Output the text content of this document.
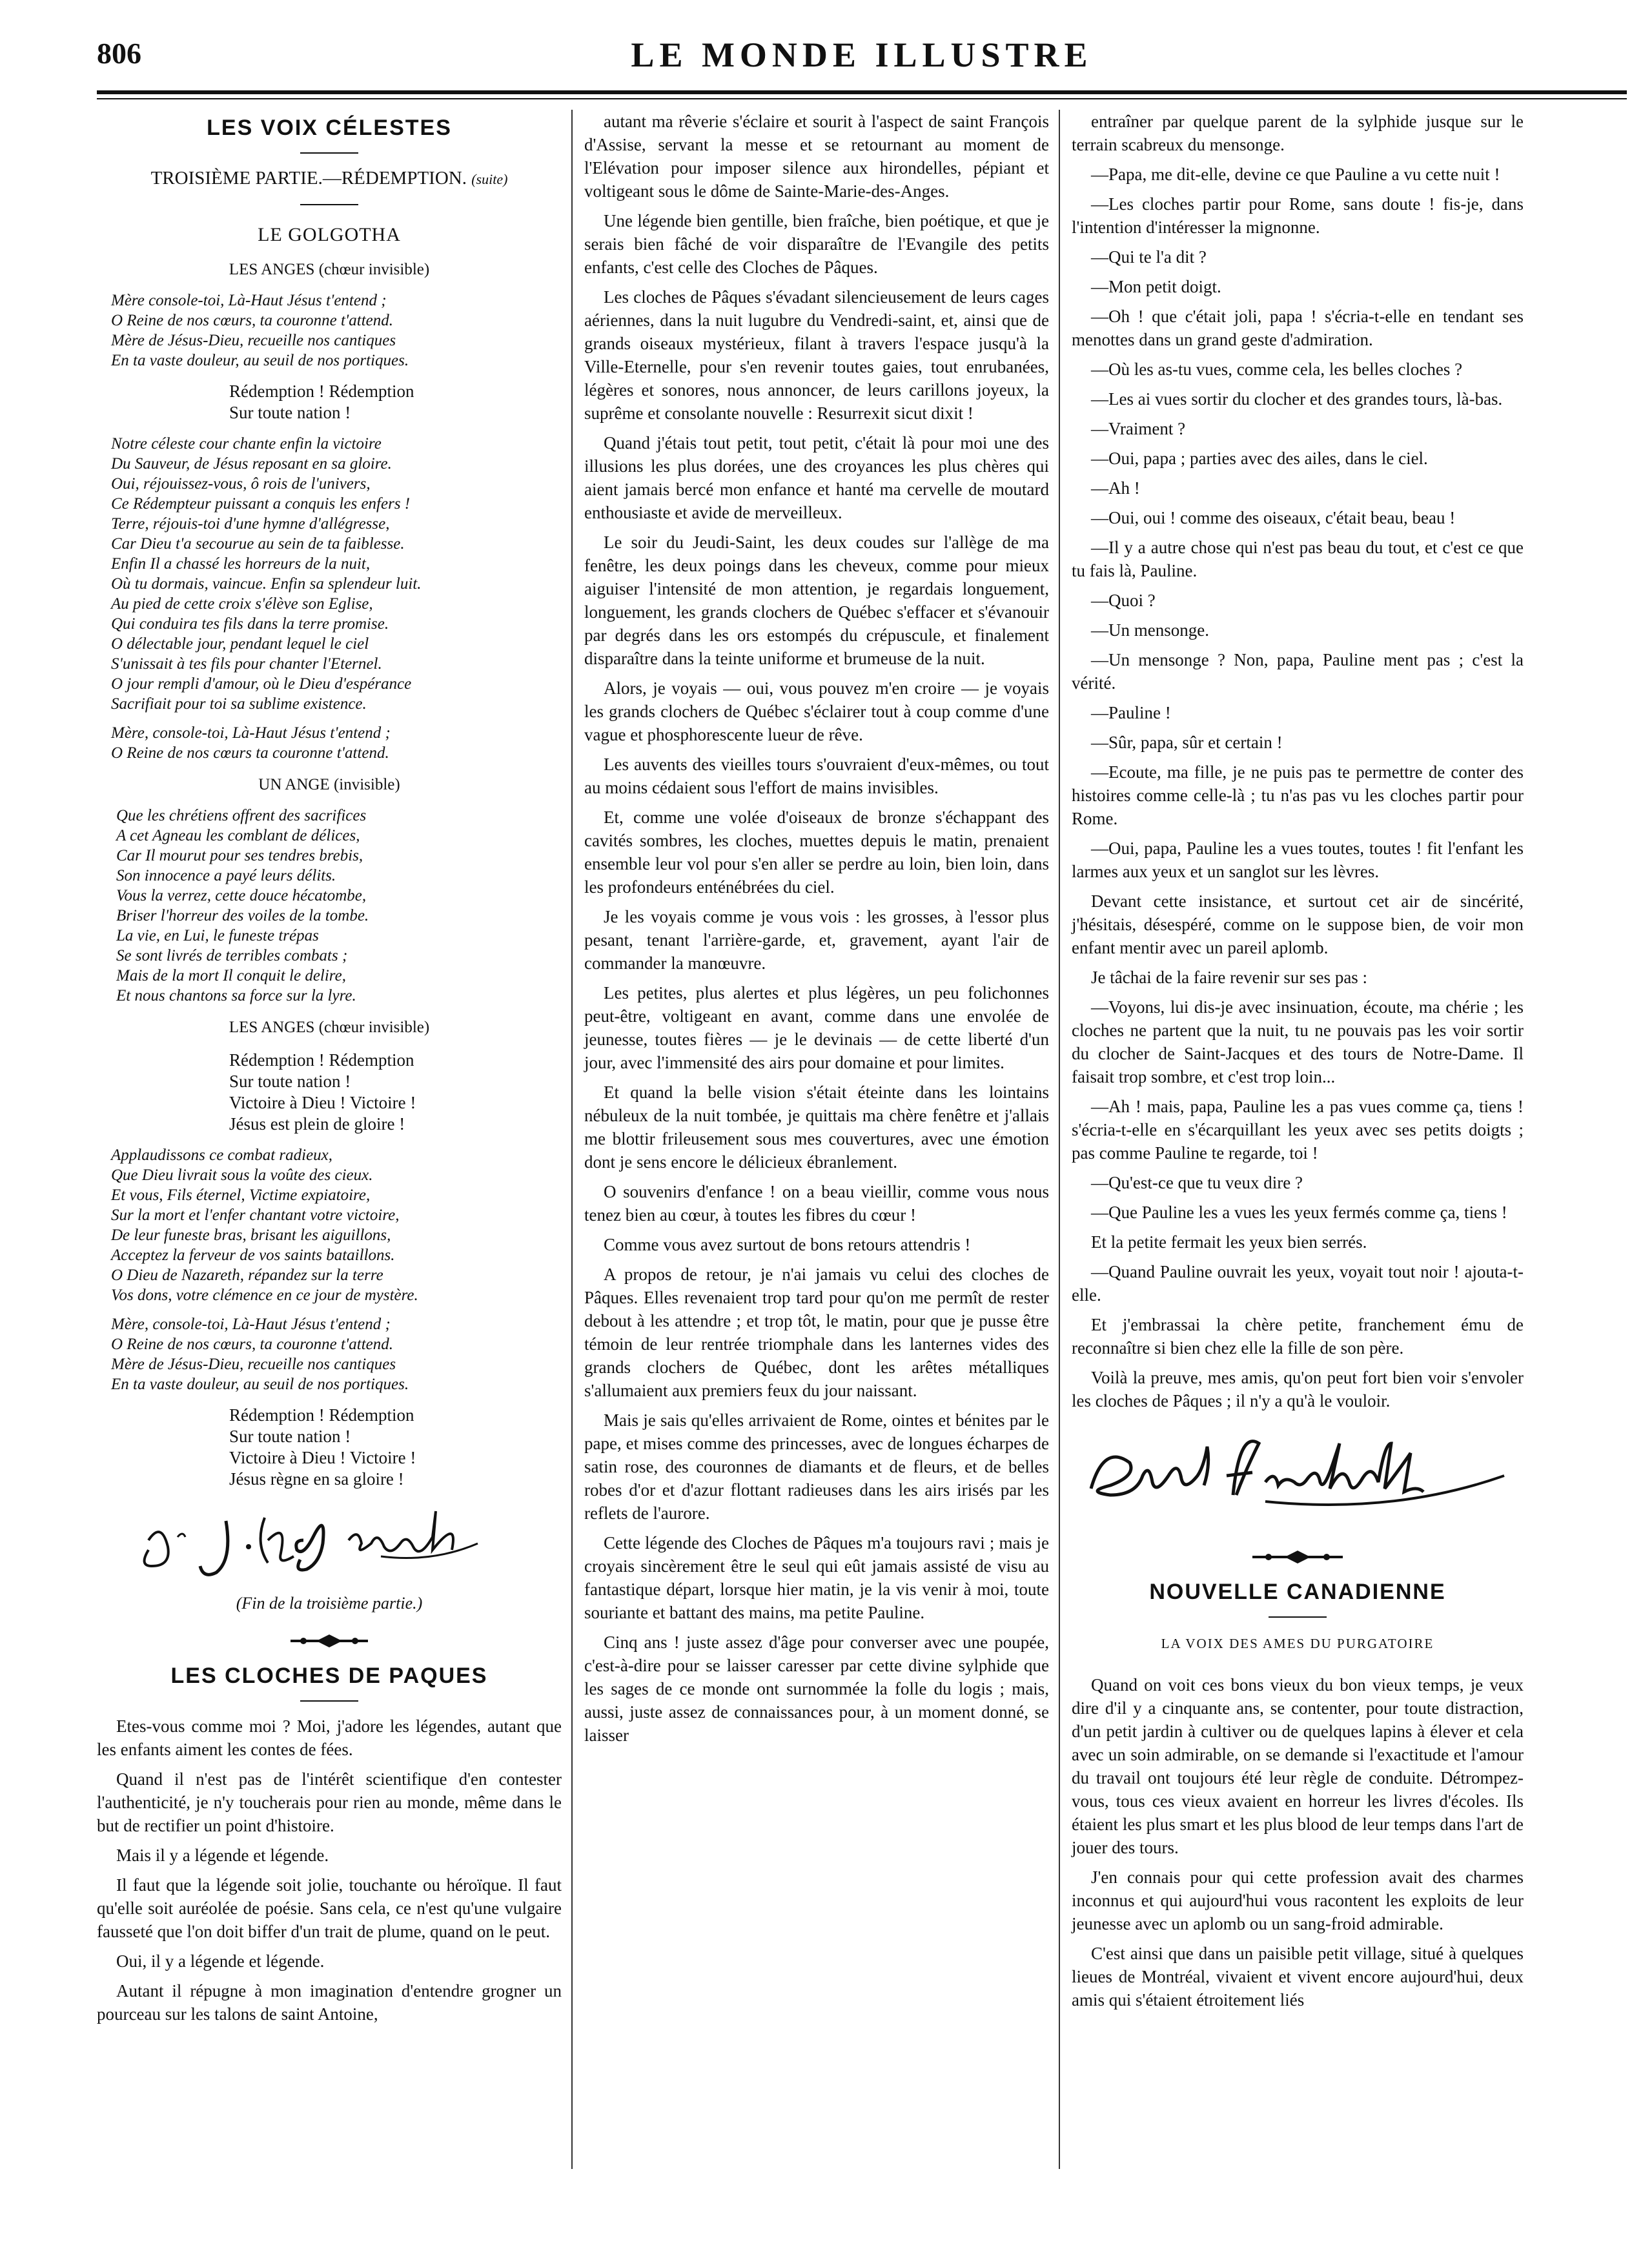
806	LE MONDE ILLUSTRE
LES VOIX CÉLESTES
TROISIÈME PARTIE.—RÉDEMPTION. (suite)
LE GOLGOTHA
LES ANGES (chœur invisible)
Mère console-toi, Là-Haut Jésus t'entend ;
O Reine de nos cœurs, ta couronne t'attend.
Mère de Jésus-Dieu, recueille nos cantiques
En ta vaste douleur, au seuil de nos portiques.
Rédemption ! Rédemption
Sur toute nation !
Notre céleste cour chante enfin la victoire
Du Sauveur, de Jésus reposant en sa gloire.
Oui, réjouissez-vous, ô rois de l'univers,
Ce Rédempteur puissant a conquis les enfers !
Terre, réjouis-toi d'une hymne d'allégresse,
Car Dieu t'a secourue au sein de ta faiblesse.
Enfin Il a chassé les horreurs de la nuit,
Où tu dormais, vaincue. Enfin sa splendeur luit.
Au pied de cette croix s'élève son Eglise,
Qui conduira tes fils dans la terre promise.
O délectable jour, pendant lequel le ciel
S'unissait à tes fils pour chanter l'Eternel.
O jour rempli d'amour, où le Dieu d'espérance
Sacrifiait pour toi sa sublime existence.
Mère, console-toi, Là-Haut Jésus t'entend ;
O Reine de nos cœurs ta couronne t'attend.
UN ANGE (invisible)
Que les chrétiens offrent des sacrifices
A cet Agneau les comblant de délices,
Car Il mourut pour ses tendres brebis,
Son innocence a payé leurs délits.
Vous la verrez, cette douce hécatombe,
Briser l'horreur des voiles de la tombe.
La vie, en Lui, le funeste trépas
Se sont livrés de terribles combats ;
Mais de la mort Il conquit le delire,
Et nous chantons sa force sur la lyre.
LES ANGES (chœur invisible)
Rédemption ! Rédemption
Sur toute nation !
Victoire à Dieu ! Victoire !
Jésus est plein de gloire !
Applaudissons ce combat radieux,
Que Dieu livrait sous la voûte des cieux.
Et vous, Fils éternel, Victime expiatoire,
Sur la mort et l'enfer chantant votre victoire,
De leur funeste bras, brisant les aiguillons,
Acceptez la ferveur de vos saints bataillons.
O Dieu de Nazareth, répandez sur la terre
Vos dons, votre clémence en ce jour de mystère.
Mère, console-toi, Là-Haut Jésus t'entend ;
O Reine de nos cœurs, ta couronne t'attend.
Mère de Jésus-Dieu, recueille nos cantiques
En ta vaste douleur, au seuil de nos portiques.
Rédemption ! Rédemption
Sur toute nation !
Victoire à Dieu ! Victoire !
Jésus règne en sa gloire !
(Fin de la troisième partie.)
LES CLOCHES DE PAQUES

Etes-vous comme moi ? Moi, j'adore les légendes, autant que les enfants aiment les contes de fées.

Quand il n'est pas de l'intérêt scientifique d'en contester l'authenticité, je n'y toucherais pour rien au monde, même dans le but de rectifier un point d'histoire.

Mais il y a légende et légende.

Il faut que la légende soit jolie, touchante ou héroïque. Il faut qu'elle soit auréolée de poésie. Sans cela, ce n'est qu'une vulgaire fausseté que l'on doit biffer d'un trait de plume, quand on le peut.

Oui, il y a légende et légende.

Autant il répugne à mon imagination d'entendre grogner un pourceau sur les talons de saint Antoine,

autant ma rêverie s'éclaire et sourit à l'aspect de saint François d'Assise, servant la messe et se retournant au moment de l'Elévation pour imposer silence aux hirondelles, pépiant et voltigeant sous le dôme de Sainte-Marie-des-Anges.

Une légende bien gentille, bien fraîche, bien poétique, et que je serais bien fâché de voir disparaître de l'Evangile des petits enfants, c'est celle des Cloches de Pâques.

Les cloches de Pâques s'évadant silencieusement de leurs cages aériennes, dans la nuit lugubre du Vendredi-saint, et, ainsi que de grands oiseaux mystérieux, filant à travers l'espace jusqu'à la Ville-Eternelle, pour s'en revenir toutes gaies, tout enrubanées, légères et sonores, nous annoncer, de leurs carillons joyeux, la suprême et consolante nouvelle : Resurrexit sicut dixit !

Quand j'étais tout petit, tout petit, c'était là pour moi une des illusions les plus dorées, une des croyances les plus chères qui aient jamais bercé mon enfance et hanté ma cervelle de moutard enthousiaste et avide de merveilleux.

Le soir du Jeudi-Saint, les deux coudes sur l'allège de ma fenêtre, les deux poings dans les cheveux, comme pour mieux aiguiser l'intensité de mon attention, je regardais longuement, longuement, les grands clochers de Québec s'effacer et s'évanouir par degrés dans les ors estompés du crépuscule, et finalement disparaître dans la teinte uniforme et brumeuse de la nuit.

Alors, je voyais — oui, vous pouvez m'en croire — je voyais les grands clochers de Québec s'éclairer tout à coup comme d'une vague et phosphorescente lueur de rêve.

Les auvents des vieilles tours s'ouvraient d'eux-mêmes, ou tout au moins cédaient sous l'effort de mains invisibles.

Et, comme une volée d'oiseaux de bronze s'échappant des cavités sombres, les cloches, muettes depuis le matin, prenaient ensemble leur vol pour s'en aller se perdre au loin, bien loin, dans les profondeurs enténébrées du ciel.

Je les voyais comme je vous vois : les grosses, à l'essor plus pesant, tenant l'arrière-garde, et, gravement, ayant l'air de commander la manœuvre.

Les petites, plus alertes et plus légères, un peu folichonnes peut-être, voltigeant en avant, comme dans une envolée de jeunesse, toutes fières — je le devinais — de cette liberté d'un jour, avec l'immensité des airs pour domaine et pour limites.

Et quand la belle vision s'était éteinte dans les lointains nébuleux de la nuit tombée, je quittais ma chère fenêtre et j'allais me blottir frileusement sous mes couvertures, avec une émotion dont je sens encore le délicieux ébranlement.

O souvenirs d'enfance ! on a beau vieillir, comme vous nous tenez bien au cœur, à toutes les fibres du cœur !

Comme vous avez surtout de bons retours attendris !

A propos de retour, je n'ai jamais vu celui des cloches de Pâques. Elles revenaient trop tard pour qu'on me permît de rester debout à les attendre ; et trop tôt, le matin, pour que je pusse être témoin de leur rentrée triomphale dans les lanternes vides des grands clochers de Québec, dont les arêtes métalliques s'allumaient aux premiers feux du jour naissant.

Mais je sais qu'elles arrivaient de Rome, ointes et bénites par le pape, et mises comme des princesses, avec de longues écharpes de satin rose, des couronnes de diamants et de fleurs, et de belles robes d'or et d'azur flottant radieuses dans les airs irisés par les reflets de l'aurore.

Cette légende des Cloches de Pâques m'a toujours ravi ; mais je croyais sincèrement être le seul qui eût jamais assisté de visu au fantastique départ, lorsque hier matin, je la vis venir à moi, toute souriante et battant des mains, ma petite Pauline.

Cinq ans ! juste assez d'âge pour converser avec une poupée, c'est-à-dire pour se laisser caresser par cette divine sylphide que les sages de ce monde ont surnommée la folle du logis ; mais, aussi, juste assez de connaissances pour, à un moment donné, se laisser

entraîner par quelque parent de la sylphide jusque sur le terrain scabreux du mensonge.

—Papa, me dit-elle, devine ce que Pauline a vu cette nuit !

—Les cloches partir pour Rome, sans doute ! fis-je, dans l'intention d'intéresser la mignonne.

—Qui te l'a dit ?

—Mon petit doigt.

—Oh ! que c'était joli, papa ! s'écria-t-elle en tendant ses menottes dans un grand geste d'admiration.

—Où les as-tu vues, comme cela, les belles cloches ?

—Les ai vues sortir du clocher et des grandes tours, là-bas.

—Vraiment ?

—Oui, papa ; parties avec des ailes, dans le ciel.

—Ah !

—Oui, oui ! comme des oiseaux, c'était beau, beau !

—Il y a autre chose qui n'est pas beau du tout, et c'est ce que tu fais là, Pauline.

—Quoi ?

—Un mensonge.

—Un mensonge ? Non, papa, Pauline ment pas ; c'est la vérité.

—Pauline !

—Sûr, papa, sûr et certain !

—Ecoute, ma fille, je ne puis pas te permettre de conter des histoires comme celle-là ; tu n'as pas vu les cloches partir pour Rome.

—Oui, papa, Pauline les a vues toutes, toutes ! fit l'enfant les larmes aux yeux et un sanglot sur les lèvres.

Devant cette insistance, et surtout cet air de sincérité, j'hésitais, désespéré, comme on le suppose bien, de voir mon enfant mentir avec un pareil aplomb.

Je tâchai de la faire revenir sur ses pas :

—Voyons, lui dis-je avec insinuation, écoute, ma chérie ; les cloches ne partent que la nuit, tu ne pouvais pas les voir sortir du clocher de Saint-Jacques et des tours de Notre-Dame. Il faisait trop sombre, et c'est trop loin...

—Ah ! mais, papa, Pauline les a pas vues comme ça, tiens ! s'écria-t-elle en s'écarquillant les yeux avec ses petits doigts ; pas comme Pauline te regarde, toi !

—Qu'est-ce que tu veux dire ?

—Que Pauline les a vues les yeux fermés comme ça, tiens !

Et la petite fermait les yeux bien serrés.

—Quand Pauline ouvrait les yeux, voyait tout noir ! ajouta-t-elle.

Et j'embrassai la chère petite, franchement ému de reconnaître si bien chez elle la fille de son père.

Voilà la preuve, mes amis, qu'on peut fort bien voir s'envoler les cloches de Pâques ; il n'y a qu'à le vouloir.

NOUVELLE CANADIENNE
LA VOIX DES AMES DU PURGATOIRE

Quand on voit ces bons vieux du bon vieux temps, je veux dire d'il y a cinquante ans, se contenter, pour toute distraction, d'un petit jardin à cultiver ou de quelques lapins à élever et cela avec un soin admirable, on se demande si l'exactitude et l'amour du travail ont toujours été leur règle de conduite. Détrompez-vous, tous ces vieux avaient en horreur les livres d'écoles. Ils étaient les plus smart et les plus blood de leur temps dans l'art de jouer des tours.

J'en connais pour qui cette profession avait des charmes inconnus et qui aujourd'hui vous racontent les exploits de leur jeunesse avec un aplomb ou un sang-froid admirable.

C'est ainsi que dans un paisible petit village, situé à quelques lieues de Montréal, vivaient et vivent encore aujourd'hui, deux amis qui s'étaient étroitement liés
